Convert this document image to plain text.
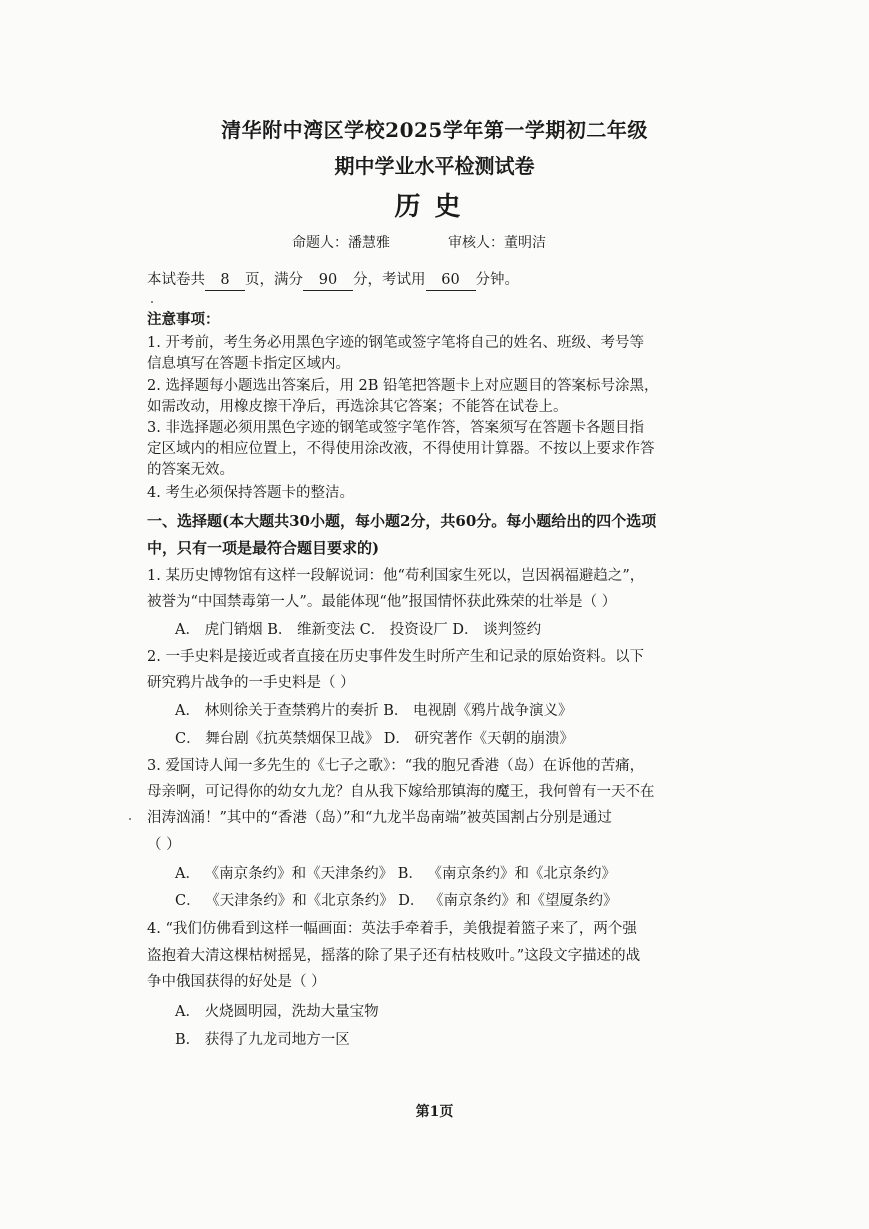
清华附中湾区学校2025学年第一学期初二年级
期中学业水平检测试卷
历史
命题人：潘慧雅	审核人：董明洁
本试卷共 8 页，满分 90 分，考试用 60 分钟。
注意事项：
1. 开考前，考生务必用黑色字迹的钢笔或签字笔将自己的姓名、班级、考号等
信息填写在答题卡指定区域内。
2. 选择题每小题选出答案后，用 2B 铅笔把答题卡上对应题目的答案标号涂黑，
如需改动，用橡皮擦干净后，再选涂其它答案；不能答在试卷上。
3. 非选择题必须用黑色字迹的钢笔或签字笔作答，答案须写在答题卡各题目指
定区域内的相应位置上，不得使用涂改液，不得使用计算器。不按以上要求作答
的答案无效。
4. 考生必须保持答题卡的整洁。
一、选择题(本大题共30小题，每小题2分，共60分。每小题给出的四个选项
中，只有一项是最符合题目要求的)
1. 某历史博物馆有这样一段解说词：他“苟利国家生死以，岂因祸福避趋之”，
被誉为“中国禁毒第一人”。最能体现“他”报国情怀获此殊荣的壮举是（ ）
A． 虎门销烟 B． 维新变法 C． 投资设厂 D． 谈判签约
2. 一手史料是接近或者直接在历史事件发生时所产生和记录的原始资料。以下
研究鸦片战争的一手史料是（ ）
A． 林则徐关于查禁鸦片的奏折 B． 电视剧《鸦片战争演义》
C． 舞台剧《抗英禁烟保卫战》 D． 研究著作《天朝的崩溃》
3. 爱国诗人闻一多先生的《七子之歌》：“我的胞兄香港（岛）在诉他的苦痛，
母亲啊，可记得你的幼女九龙？自从我下嫁给那镇海的魔王，我何曾有一天不在
泪涛汹涌！”其中的“香港（岛）”和“九龙半岛南端”被英国割占分别是通过
（ ）
A． 《南京条约》和《天津条约》 B． 《南京条约》和《北京条约》
C． 《天津条约》和《北京条约》 D． 《南京条约》和《望厦条约》
4. “我们仿佛看到这样一幅画面：英法手牵着手，美俄提着篮子来了，两个强
盗抱着大清这棵枯树摇晃，摇落的除了果子还有枯枝败叶。”这段文字描述的战
争中俄国获得的好处是（ ）
A． 火烧圆明园，洗劫大量宝物
B． 获得了九龙司地方一区
第1页
